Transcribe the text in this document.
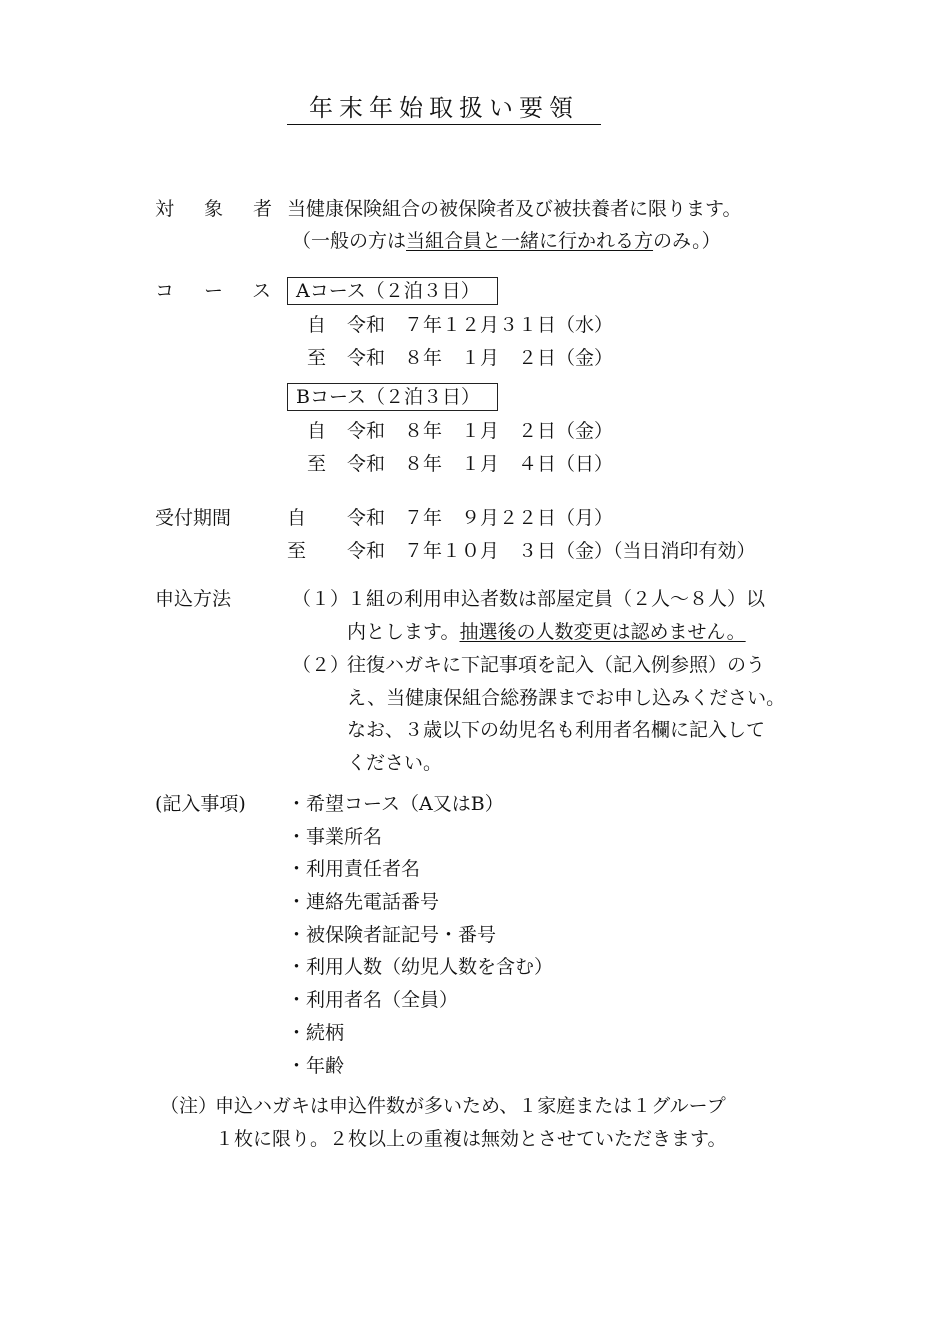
年末年始取扱い要領
対象者
当健康保険組合の被保険者及び被扶養者に限ります。
（一般の方は当組合員と一緒に行かれる方のみ。）
コース
Aコース（２泊３日）
自 令和　７年１２月３１日（水）
至 令和　８年　１月　２日（金）
Bコース（２泊３日）
自 令和　８年　１月　２日（金）
至 令和　８年　１月　４日（日）
受付期間	自 令和　７年　９月２２日（月）
至 令和　７年１０月　３日（金）（当日消印有効）
申込方法	（１）
１組の利用申込者数は部屋定員（２人～８人）以
内とします。抽選後の人数変更は認めません。
（２）
往復ハガキに下記事項を記入（記入例参照）のう
え、当健康保組合総務課までお申し込みください。
なお、３歳以下の幼児名も利用者名欄に記入して
ください。
(記入事項) ・希望コース（A又はB）
・事業所名
・利用責任者名
・連絡先電話番号
・被保険者証記号・番号
・利用人数（幼児人数を含む）
・利用者名（全員）
・続柄
・年齢
（注）
申込ハガキは申込件数が多いため、１家庭または１グループ
１枚に限り。２枚以上の重複は無効とさせていただきます。
